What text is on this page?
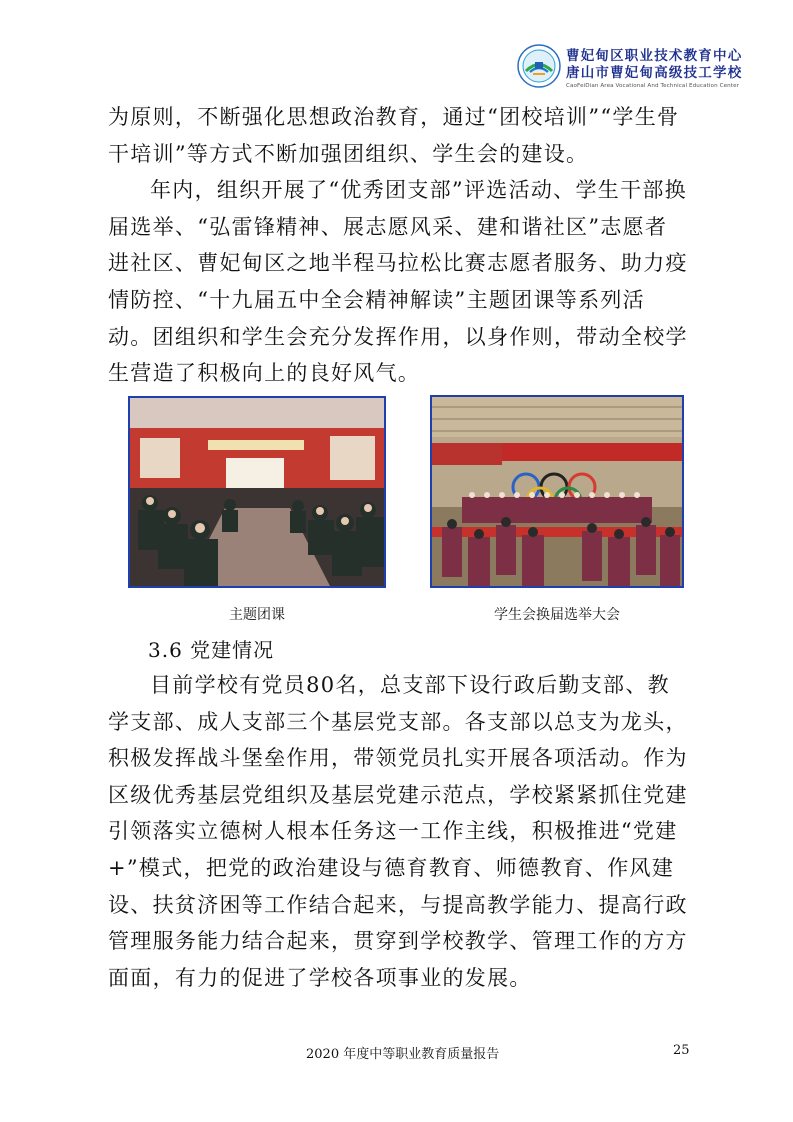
曹妃甸区职业技术教育中心
唐山市曹妃甸高级技工学校
CaoFeiDian Area Vocational And Technical Education Center

为原则，不断强化思想政治教育，通过“团校培训”“学生骨干培训”等方式不断加强团组织、学生会的建设。

年内，组织开展了“优秀团支部”评选活动、学生干部换届选举、“弘雷锋精神、展志愿风采、建和谐社区”志愿者进社区、曹妃甸区之地半程马拉松比赛志愿者服务、助力疫情防控、“十九届五中全会精神解读”主题团课等系列活动。团组织和学生会充分发挥作用，以身作则，带动全校学生营造了积极向上的良好风气。

主题团课	学生会换届选举大会
3.6 党建情况

目前学校有党员80名，总支部下设行政后勤支部、教学支部、成人支部三个基层党支部。各支部以总支为龙头，积极发挥战斗堡垒作用，带领党员扎实开展各项活动。作为区级优秀基层党组织及基层党建示范点，学校紧紧抓住党建引领落实立德树人根本任务这一工作主线，积极推进“党建+”模式，把党的政治建设与德育教育、师德教育、作风建设、扶贫济困等工作结合起来，与提高教学能力、提高行政管理服务能力结合起来，贯穿到学校教学、管理工作的方方面面，有力的促进了学校各项事业的发展。

2020 年度中等职业教育质量报告	25
